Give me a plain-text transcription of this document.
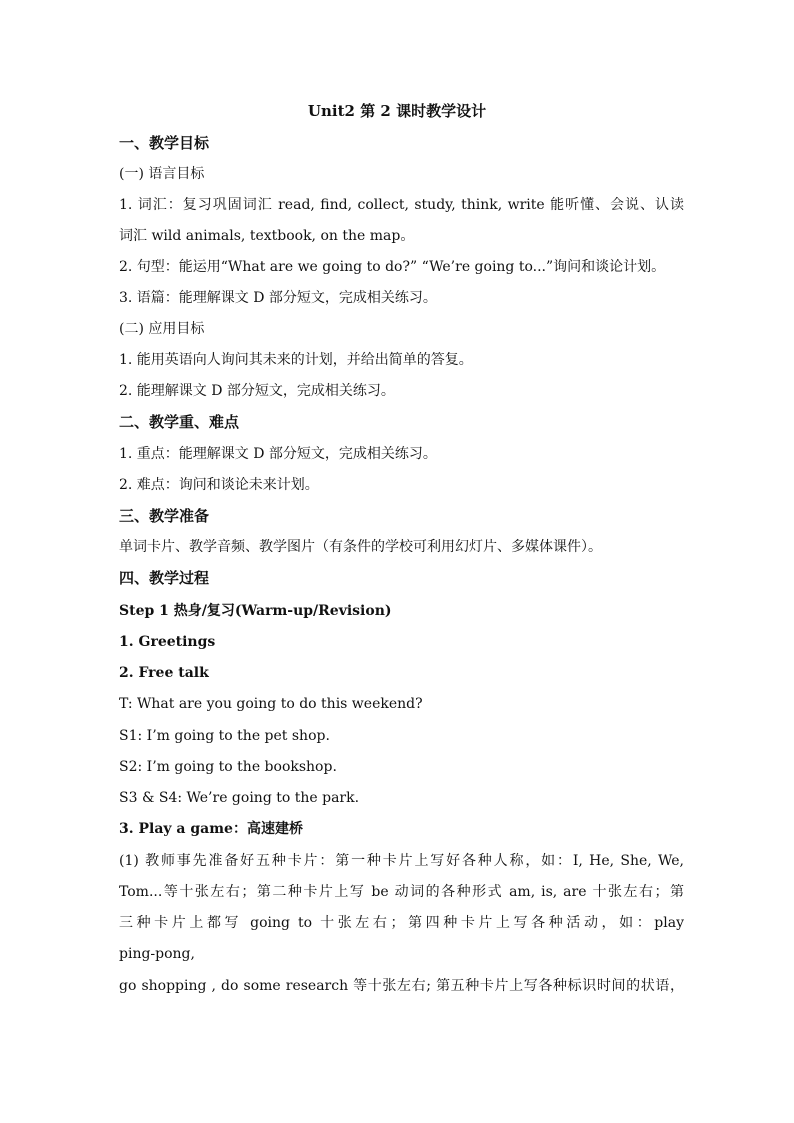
Unit2 第 2 课时教学设计
一、教学目标
(一) 语言目标
1. 词汇：复习巩固词汇 read, find, collect, study, think, write 能听懂、会说、认读
词汇 wild animals, textbook, on the map。
2. 句型：能运用“What are we going to do?” “We’re going to...”询问和谈论计划。
3. 语篇：能理解课文 D 部分短文，完成相关练习。
(二) 应用目标
1. 能用英语向人询问其未来的计划，并给出简单的答复。
2. 能理解课文 D 部分短文，完成相关练习。
二、教学重、难点
1. 重点：能理解课文 D 部分短文，完成相关练习。
2. 难点：询问和谈论未来计划。
三、教学准备
单词卡片、教学音频、教学图片（有条件的学校可利用幻灯片、多媒体课件）。
四、教学过程
Step 1 热身/复习(Warm-up/Revision)
1. Greetings
2. Free talk
T: What are you going to do this weekend?
S1: I’m going to the pet shop.
S2: I’m going to the bookshop.
S3 & S4: We’re going to the park.
3. Play a game：高速建桥
(1) 教师事先准备好五种卡片：第一种卡片上写好各种人称，如：I, He, She, We,
Tom...等十张左右；第二种卡片上写 be 动词的各种形式 am, is, are 十张左右；第
三种卡片上都写 going to 十张左右；第四种卡片上写各种活动，如：play
ping-pong,
go shopping , do some research 等十张左右; 第五种卡片上写各种标识时间的状语，
